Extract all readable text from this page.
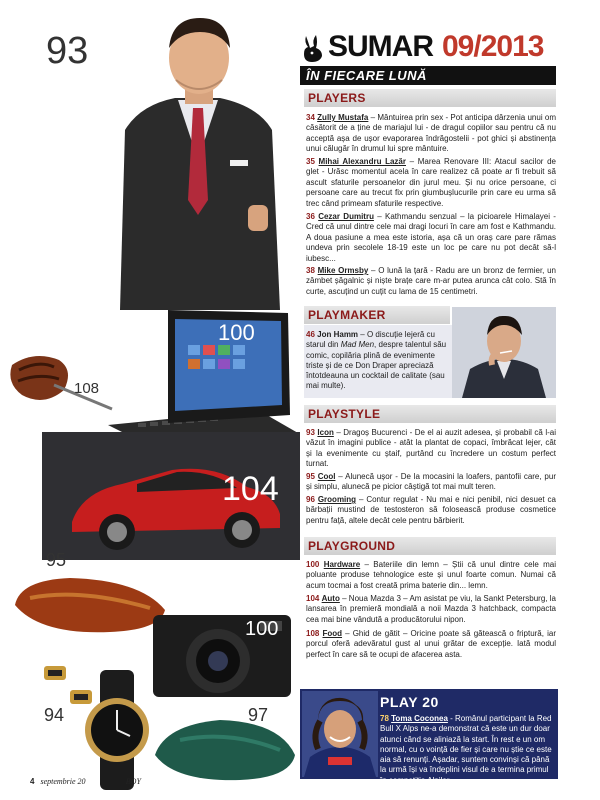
93
108
100
104
95
100
94	97
SUMAR 09/2013
ÎN FIECARE LUNĂ
PLAYERS
34 Zully Mustafa – Mântuirea prin sex - Pot anticipa dârzenia unui om căsătorit de a ține de mariajul lui - de dragul copiilor sau pentru că nu acceptă așa de ușor evaporarea îndrăgostelii - pot ghici și abstinența unui călugăr în drumul lui spre mântuire.
35 Mihai Alexandru Lazăr – Marea Renovare III: Atacul sacilor de glet - Urăsc momentul acela în care realizez că poate ar fi trebuit să ascult sfaturile persoanelor din jurul meu. Și nu orice persoane, ci persoane care au trecut fix prin giumbușlucurile prin care eu urma să trec când primeam sfaturile respective.
36 Cezar Dumitru – Kathmandu senzual – la picioarele Himalayei - Cred că unul dintre cele mai dragi locuri în care am fost e Kathmandu. A doua pasiune a mea este istoria, așa că un oraș care pare rămas undeva prin secolele 18-19 este un loc pe care nu pot decât să-l iubesc...
38 Mike Ormsby – O lună la țară - Radu are un bronz de fermier, un zâmbet șăgalnic și niște brațe care m-ar putea arunca cât colo. Stă în curte, ascuțind un cuțit cu lama de 15 centimetri.
PLAYMAKER
46 Jon Hamm – O discuție lejeră cu starul din Mad Men, despre talentul său comic, copilăria plină de evenimente triste și de ce Don Draper apreciază întotdeauna un cocktail de calitate (sau mai multe).
PLAYSTYLE
93 Icon – Dragoș Bucurenci - De el ai auzit adesea, și probabil că l-ai văzut în imagini publice - atât la plantat de copaci, îmbrăcat lejer, cât și la evenimente cu ștaif, purtând cu încredere un costum perfect turnat.
95 Cool – Alunecă ușor - De la mocasini la loafers, pantofii care, pur și simplu, alunecă pe picior câștigă tot mai mult teren.
96 Grooming – Contur regulat - Nu mai e nici penibil, nici desuet ca bărbații mustind de testosteron să folosească produse cosmetice pentru față, altele decât cele pentru bărbierit.
PLAYGROUND
100 Hardware – Bateriile din lemn – Știi că unul dintre cele mai poluante produse tehnologice este și unul foarte comun. Numai că acum tocmai a fost creată prima baterie din... lemn.
104 Auto – Noua Mazda 3 – Am asistat pe viu, la Sankt Petersburg, la lansarea în premieră mondială a noii Mazda 3 hatchback, compacta cea mai bine vândută a producătorului nipon.
108 Food – Ghid de gătit – Oricine poate să gătească o friptură, iar porcul oferă adevăratul gust al unui grătar de excepție. Iată modul perfect în care să te ocupi de afacerea asta.
PLAY 20
78 Toma Coconea - Românul participant la Red Bull X Alps ne-a demonstrat că este un dur doar atunci când se aliniază la start. În rest e un om normal, cu o voință de fier și care nu știe ce este aia să renunți. Așadar, suntem convinși că până la urmă își va îndeplini visul de a termina primul în competiția Alpilor.
4 septembrie 20	BOY
